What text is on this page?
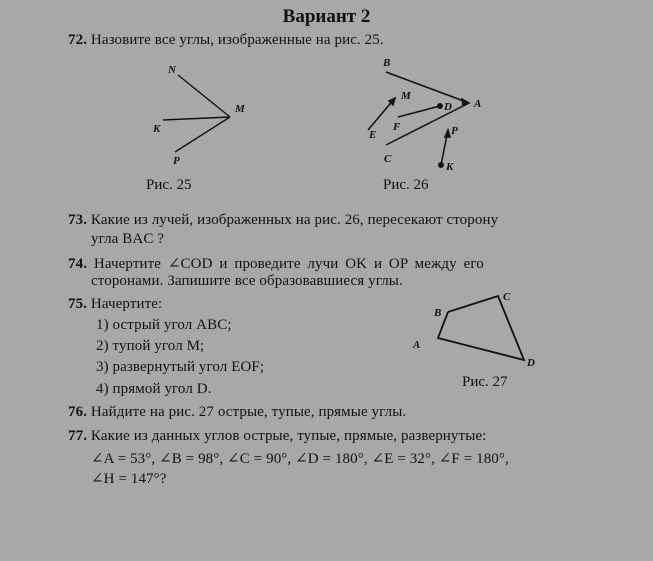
Вариант 2
72. Назовите все углы, изображенные на рис. 25.
N
M
K
P
B
M
D A
E
F	P
C
K
B
C
A
D
Рис. 25	Рис. 26
Рис. 27
73. Какие из лучей, изображенных на рис. 26, пересекают сторону
угла BAC ?
74. Начертите ∠COD и проведите лучи OK и OP между его
сторонами. Запишите все образовавшиеся углы.
75. Начертите:
1) острый угол ABC;
2) тупой угол M;
3) развернутый угол EOF;
4) прямой угол D.
76. Найдите на рис. 27 острые, тупые, прямые углы.
77. Какие из данных углов острые, тупые, прямые, развернутые:
∠A = 53°, ∠B = 98°, ∠C = 90°, ∠D = 180°, ∠E = 32°, ∠F = 180°,
∠H = 147°?
